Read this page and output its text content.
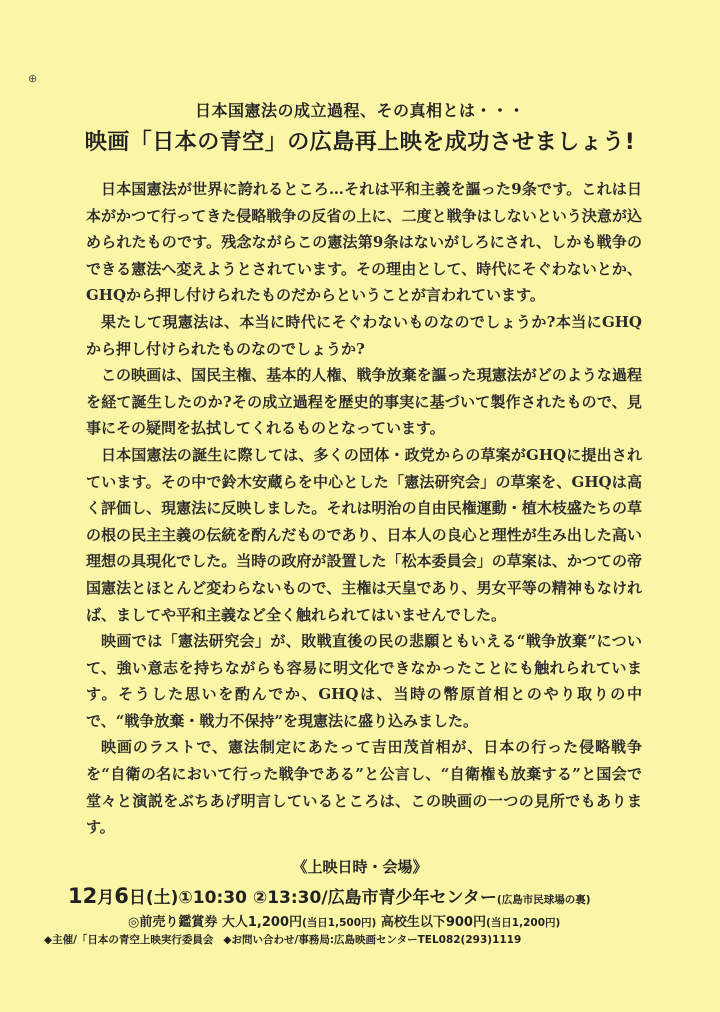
⊕
日本国憲法の成立過程、その真相とは・・・
映画「日本の青空」の広島再上映を成功させましょう!

日本国憲法が世界に誇れるところ…それは平和主義を謳った9条です。これは日本がかつて行ってきた侵略戦争の反省の上に、二度と戦争はしないという決意が込められたものです。残念ながらこの憲法第9条はないがしろにされ、しかも戦争のできる憲法へ変えようとされています。その理由として、時代にそぐわないとか、GHQから押し付けられたものだからということが言われています。

果たして現憲法は、本当に時代にそぐわないものなのでしょうか?本当にGHQから押し付けられたものなのでしょうか?

この映画は、国民主権、基本的人権、戦争放棄を謳った現憲法がどのような過程を経て誕生したのか?その成立過程を歴史的事実に基づいて製作されたもので、見事にその疑問を払拭してくれるものとなっています。

日本国憲法の誕生に際しては、多くの団体・政党からの草案がGHQに提出されています。その中で鈴木安蔵らを中心とした「憲法研究会」の草案を、GHQは高く評価し、現憲法に反映しました。それは明治の自由民権運動・植木枝盛たちの草の根の民主主義の伝統を酌んだものであり、日本人の良心と理性が生み出した高い理想の具現化でした。当時の政府が設置した「松本委員会」の草案は、かつての帝国憲法とほとんど変わらないもので、主権は天皇であり、男女平等の精神もなければ、ましてや平和主義など全く触れられてはいませんでした。

映画では「憲法研究会」が、敗戦直後の民の悲願ともいえる“戦争放棄”について、強い意志を持ちながらも容易に明文化できなかったことにも触れられています。そうした思いを酌んでか、GHQは、当時の幣原首相とのやり取りの中で、“戦争放棄・戦力不保持”を現憲法に盛り込みました。

映画のラストで、憲法制定にあたって吉田茂首相が、日本の行った侵略戦争を“自衛の名において行った戦争である”と公言し、“自衛権も放棄する”と国会で堂々と演説をぶちあげ明言しているところは、この映画の一つの見所でもあります。

《上映日時・会場》
12月6日(土)①10:30 ②13:30/広島市青少年センター(広島市民球場の裏)
◎前売り鑑賞券 大人1,200円(当日1,500円) 高校生以下900円(当日1,200円)
◆主催/「日本の青空上映実行委員会 ◆お問い合わせ/事務局:広島映画センターTEL082(293)1119
